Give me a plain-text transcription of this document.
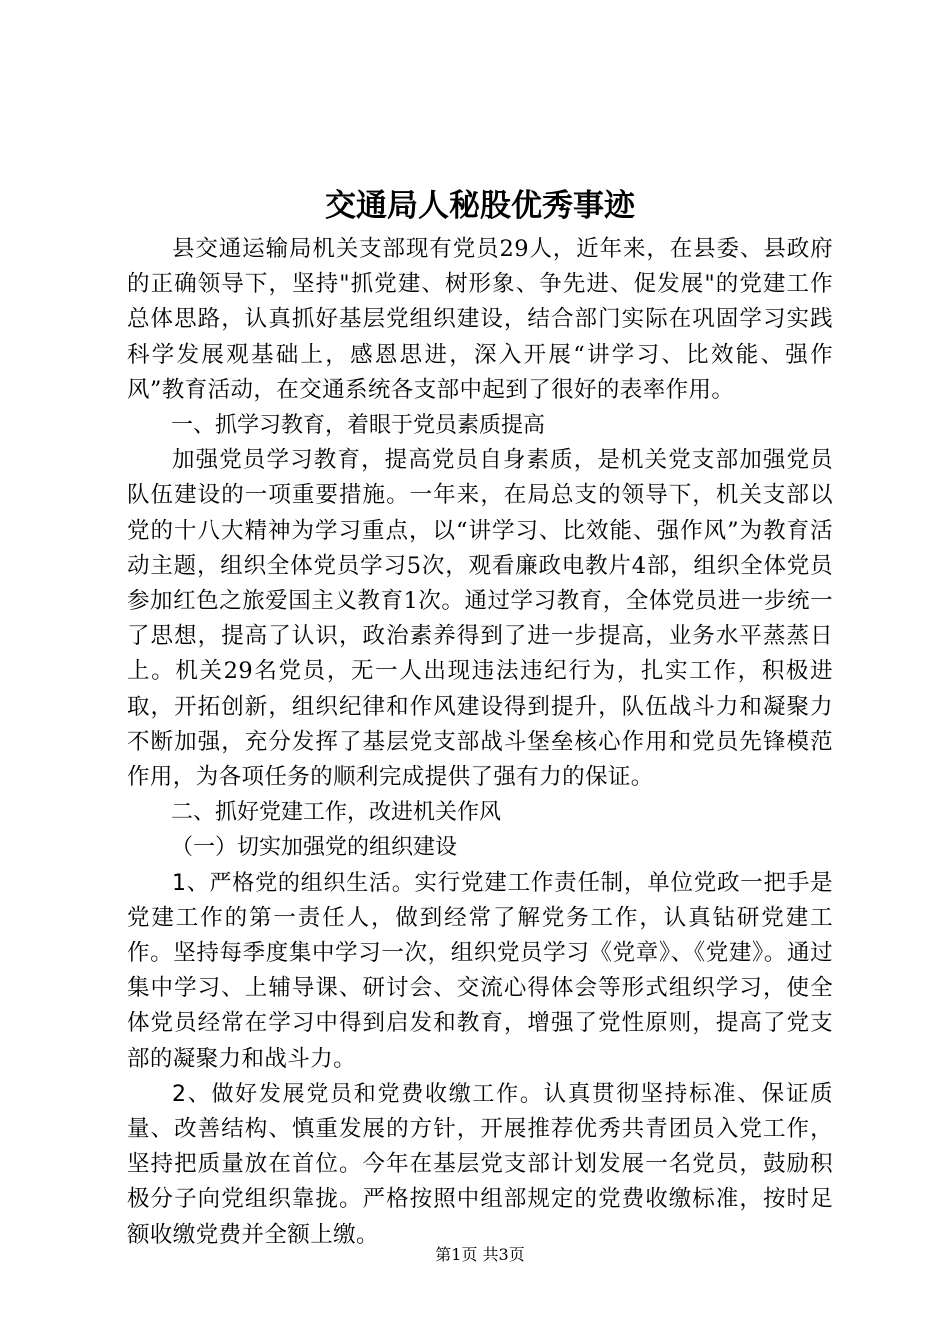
交通局人秘股优秀事迹

县交通运输局机关支部现有党员29人，近年来，在县委、县政府的正确领导下，坚持"抓党建、树形象、争先进、促发展"的党建工作总体思路，认真抓好基层党组织建设，结合部门实际在巩固学习实践科学发展观基础上，感恩思进，深入开展“讲学习、比效能、强作风”教育活动，在交通系统各支部中起到了很好的表率作用。

一、抓学习教育，着眼于党员素质提高

加强党员学习教育，提高党员自身素质，是机关党支部加强党员队伍建设的一项重要措施。一年来，在局总支的领导下，机关支部以党的十八大精神为学习重点，以“讲学习、比效能、强作风”为教育活动主题，组织全体党员学习5次，观看廉政电教片4部，组织全体党员参加红色之旅爱国主义教育1次。通过学习教育，全体党员进一步统一了思想，提高了认识，政治素养得到了进一步提高，业务水平蒸蒸日上。机关29名党员，无一人出现违法违纪行为，扎实工作，积极进取，开拓创新，组织纪律和作风建设得到提升，队伍战斗力和凝聚力不断加强，充分发挥了基层党支部战斗堡垒核心作用和党员先锋模范作用，为各项任务的顺利完成提供了强有力的保证。

二、抓好党建工作，改进机关作风

（一）切实加强党的组织建设

1、严格党的组织生活。实行党建工作责任制，单位党政一把手是党建工作的第一责任人，做到经常了解党务工作，认真钻研党建工作。坚持每季度集中学习一次，组织党员学习《党章》、《党建》。通过集中学习、上辅导课、研讨会、交流心得体会等形式组织学习，使全体党员经常在学习中得到启发和教育，增强了党性原则，提高了党支部的凝聚力和战斗力。

2、做好发展党员和党费收缴工作。认真贯彻坚持标准、保证质量、改善结构、慎重发展的方针，开展推荐优秀共青团员入党工作，坚持把质量放在首位。今年在基层党支部计划发展一名党员，鼓励积极分子向党组织靠拢。严格按照中组部规定的党费收缴标准，按时足额收缴党费并全额上缴。

第1页 共3页
